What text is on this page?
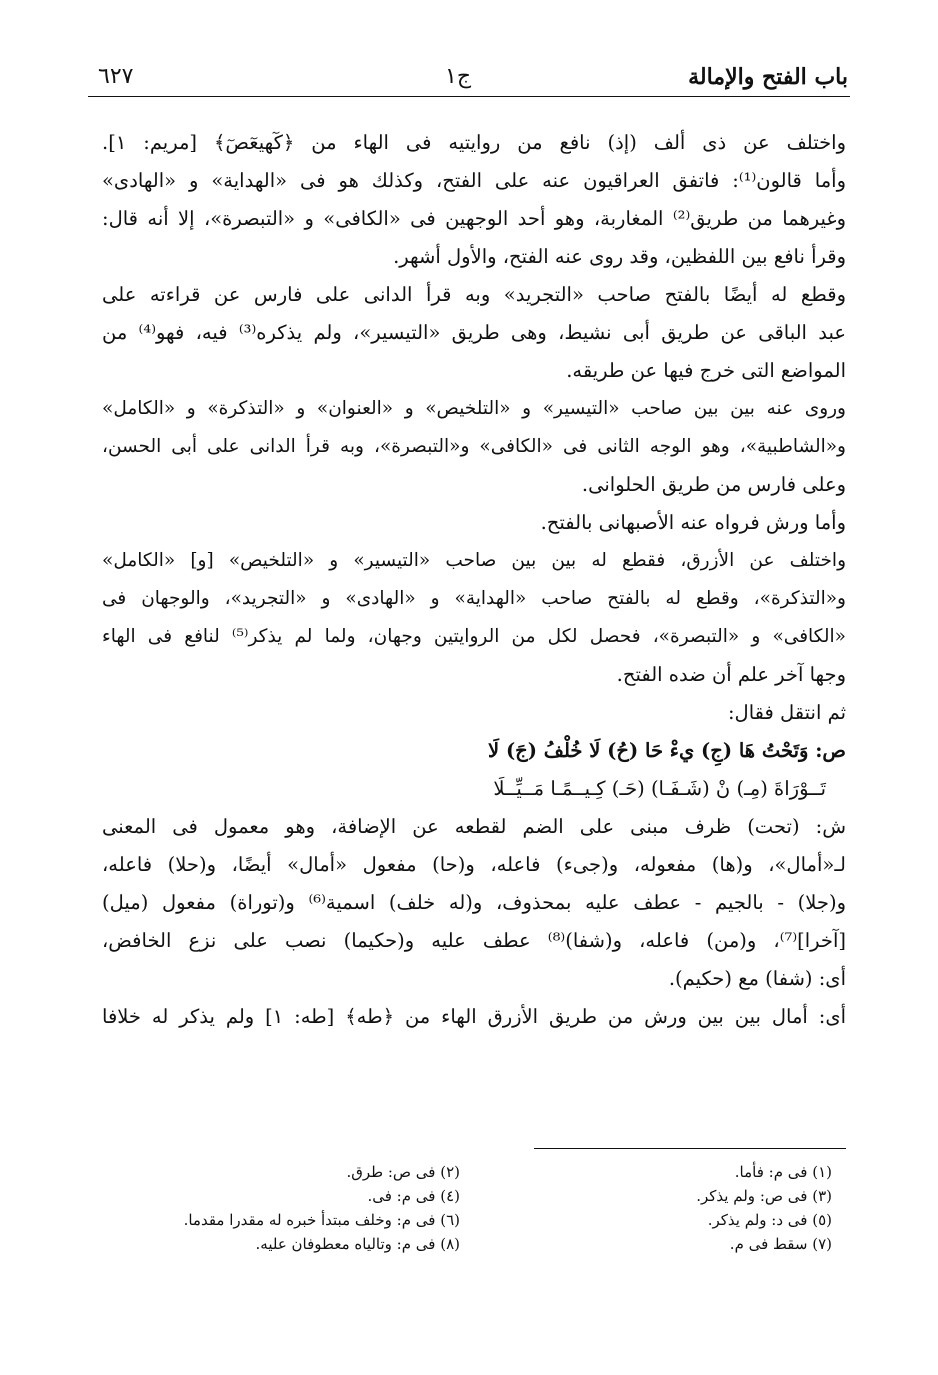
باب الفتح والإمالة
ج١
٦٢٧
واختلف عن ذى ألف (إذ) نافع من روايتيه فى الهاء من ﴿كٓهيعٓصٓ﴾ [مريم: ١].
وأما قالون⁽¹⁾: فاتفق العراقيون عنه على الفتح، وكذلك هو فى «الهداية» و «الهادى»
وغيرهما من طريق⁽²⁾ المغاربة، وهو أحد الوجهين فى «الكافى» و «التبصرة»، إلا أنه قال:
وقرأ نافع بين اللفظين، وقد روى عنه الفتح، والأول أشهر.
وقطع له أيضًا بالفتح صاحب «التجريد» وبه قرأ الدانى على فارس عن قراءته على
عبد الباقى عن طريق أبى نشيط، وهى طريق «التيسير»، ولم يذكره⁽³⁾ فيه، فهو⁽⁴⁾ من
المواضع التى خرج فيها عن طريقه.
وروى عنه بين بين صاحب «التيسير» و «التلخيص» و «العنوان» و «التذكرة» و «الكامل»
و«الشاطبية»، وهو الوجه الثانى فى «الكافى» و«التبصرة»، وبه قرأ الدانى على أبى الحسن،
وعلى فارس من طريق الحلوانى.
وأما ورش فرواه عنه الأصبهانى بالفتح.
واختلف عن الأزرق، فقطع له بين بين صاحب «التيسير» و «التلخيص» [و] «الكامل»
و«التذكرة»، وقطع له بالفتح صاحب «الهداية» و «الهادى» و «التجريد»، والوجهان فى
«الكافى» و «التبصرة»، فحصل لكل من الروايتين وجهان، ولما لم يذكر⁽⁵⁾ لنافع فى الهاء
وجها آخر علم أن ضده الفتح.
ثم انتقل فقال:
ص: وَتَحْتُ هَا (جِ) يءْ حَا (حُ) لَا خُلْفُ (جَ) لَا
تَــوْرَاةَ (مِـ) نْ (شَـفَـا) (حَـ) كِـيــمًـا مَــيِّــلَا
ش: (تحت) ظرف مبنى على الضم لقطعه عن الإضافة، وهو معمول فى المعنى
لـ«أمال»، و(ها) مفعوله، و(جىء) فاعله، و(حا) مفعول «أمال» أيضًا، و(حلا) فاعله،
و(جلا) - بالجيم - عطف عليه بمحذوف، و(له خلف) اسمية⁽⁶⁾ و(توراة) مفعول (ميل)
[آخرا]⁽⁷⁾، و(من) فاعله، و(شفا)⁽⁸⁾ عطف عليه و(حكيما) نصب على نزع الخافض،
أى: (شفا) مع (حكيم).
أى: أمال بين بين ورش من طريق الأزرق الهاء من ﴿طه﴾ [طه: ١] ولم يذكر له خلافا
(١) فى م: فأما.
(٣) فى ص: ولم يذكر.
(٥) فى د: ولم يذكر.
(٧) سقط فى م.
(٢) فى ص: طرق.
(٤) فى م: فى.
(٦) فى م: وخلف مبتدأ خبره له مقدرا مقدما.
(٨) فى م: وتالياه معطوفان عليه.
